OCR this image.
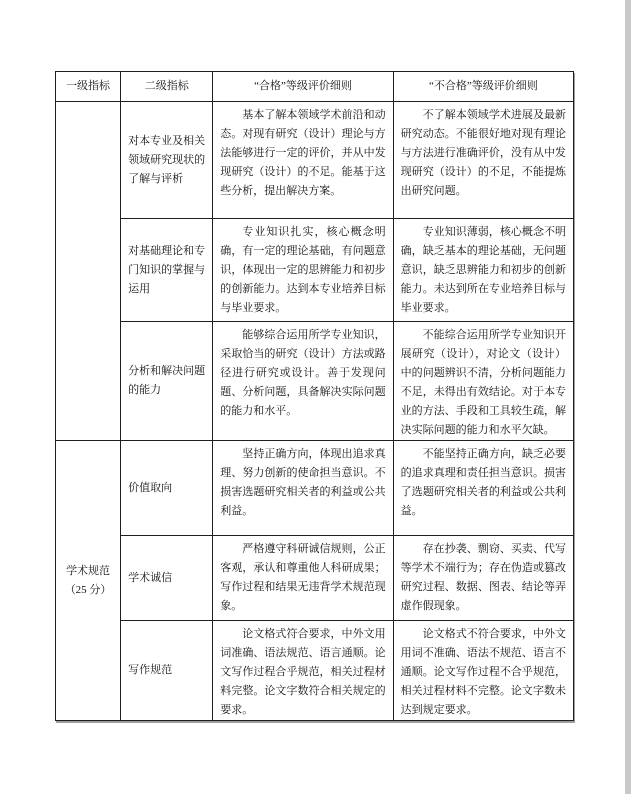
一级指标	二级指标	“合格”等级评价细则	“不合格”等级评价细则
	对本专业及相关领域研究现状的了解与评析	基本了解本领域学术前沿和动态。对现有研究（设计）理论与方法能够进行一定的评价，并从中发现研究（设计）的不足。能基于这些分析，提出解决方案。	不了解本领域学术进展及最新研究动态。不能很好地对现有理论与方法进行准确评价，没有从中发现研究（设计）的不足，不能提炼出研究问题。
	对基础理论和专门知识的掌握与运用	专业知识扎实，核心概念明确，有一定的理论基础，有问题意识，体现出一定的思辨能力和初步的创新能力。达到本专业培养目标与毕业要求。	专业知识薄弱，核心概念不明确，缺乏基本的理论基础，无问题意识，缺乏思辨能力和初步的创新能力。未达到所在专业培养目标与毕业要求。
	分析和解决问题的能力	能够综合运用所学专业知识，采取恰当的研究（设计）方法或路径进行研究或设计。善于发现问题、分析问题，具备解决实际问题的能力和水平。	不能综合运用所学专业知识开展研究（设计），对论文（设计）中的问题辨识不清，分析问题能力不足，未得出有效结论。对于本专业的方法、手段和工具较生疏，解决实际问题的能力和水平欠缺。

学术规范
（25 分）	价值取向	坚持正确方向，体现出追求真理、努力创新的使命担当意识。不损害选题研究相关者的利益或公共利益。	不能坚持正确方向，缺乏必要的追求真理和责任担当意识。损害了选题研究相关者的利益或公共利益。
	学术诚信	严格遵守科研诚信规则，公正客观，承认和尊重他人科研成果；写作过程和结果无违背学术规范现象。	存在抄袭、剽窃、买卖、代写等学术不端行为；存在伪造或篡改研究过程、数据、图表、结论等弄虚作假现象。
	写作规范	论文格式符合要求，中外文用词准确、语法规范、语言通顺。论文写作过程合乎规范，相关过程材料完整。论文字数符合相关规定的要求。	论文格式不符合要求，中外文用词不准确、语法不规范、语言不通顺。论文写作过程不合乎规范，相关过程材料不完整。论文字数未达到规定要求。
